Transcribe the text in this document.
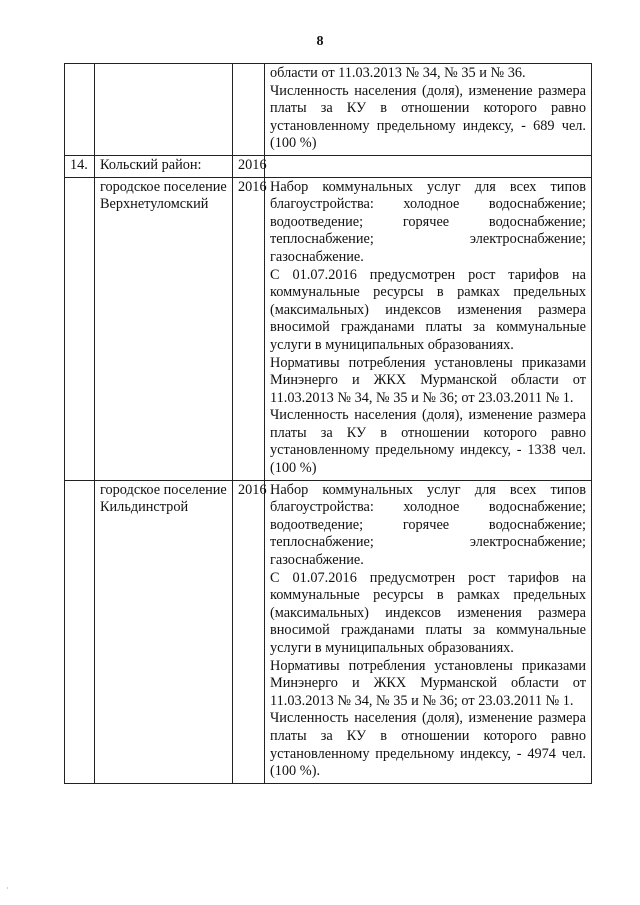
8

			области от 11.03.2013 № 34, № 35 и № 36.
Численность населения (доля), изменение размера платы за КУ в отношении которого равно установленному предельному индексу, - 689 чел. (100 %)

14.	Кольский район:	2016	
	городское поселение Верхнетуломский	2016	Набор коммунальных услуг для всех типов благоустройства: холодное водоснабжение; водоотведение; горячее водоснабжение; теплоснабжение; электроснабжение; газоснабжение.
С 01.07.2016 предусмотрен рост тарифов на коммунальные ресурсы в рамках предельных (максимальных) индексов изменения размера вносимой гражданами платы за коммунальные услуги в муниципальных образованиях.
Нормативы потребления установлены приказами Минэнерго и ЖКХ Мурманской области от 11.03.2013 № 34, № 35 и № 36; от 23.03.2011 № 1.
Численность населения (доля), изменение размера платы за КУ в отношении которого равно установленному предельному индексу, - 1338 чел. (100 %)

	городское поселение Кильдинстрой	2016	Набор коммунальных услуг для всех типов благоустройства: холодное водоснабжение; водоотведение; горячее водоснабжение; теплоснабжение; электроснабжение; газоснабжение.
С 01.07.2016 предусмотрен рост тарифов на коммунальные ресурсы в рамках предельных (максимальных) индексов изменения размера вносимой гражданами платы за коммунальные услуги в муниципальных образованиях.
Нормативы потребления установлены приказами Минэнерго и ЖКХ Мурманской области от 11.03.2013 № 34, № 35 и № 36; от 23.03.2011 № 1.
Численность населения (доля), изменение размера платы за КУ в отношении которого равно установленному предельному индексу, - 4974 чел. (100 %).
·
